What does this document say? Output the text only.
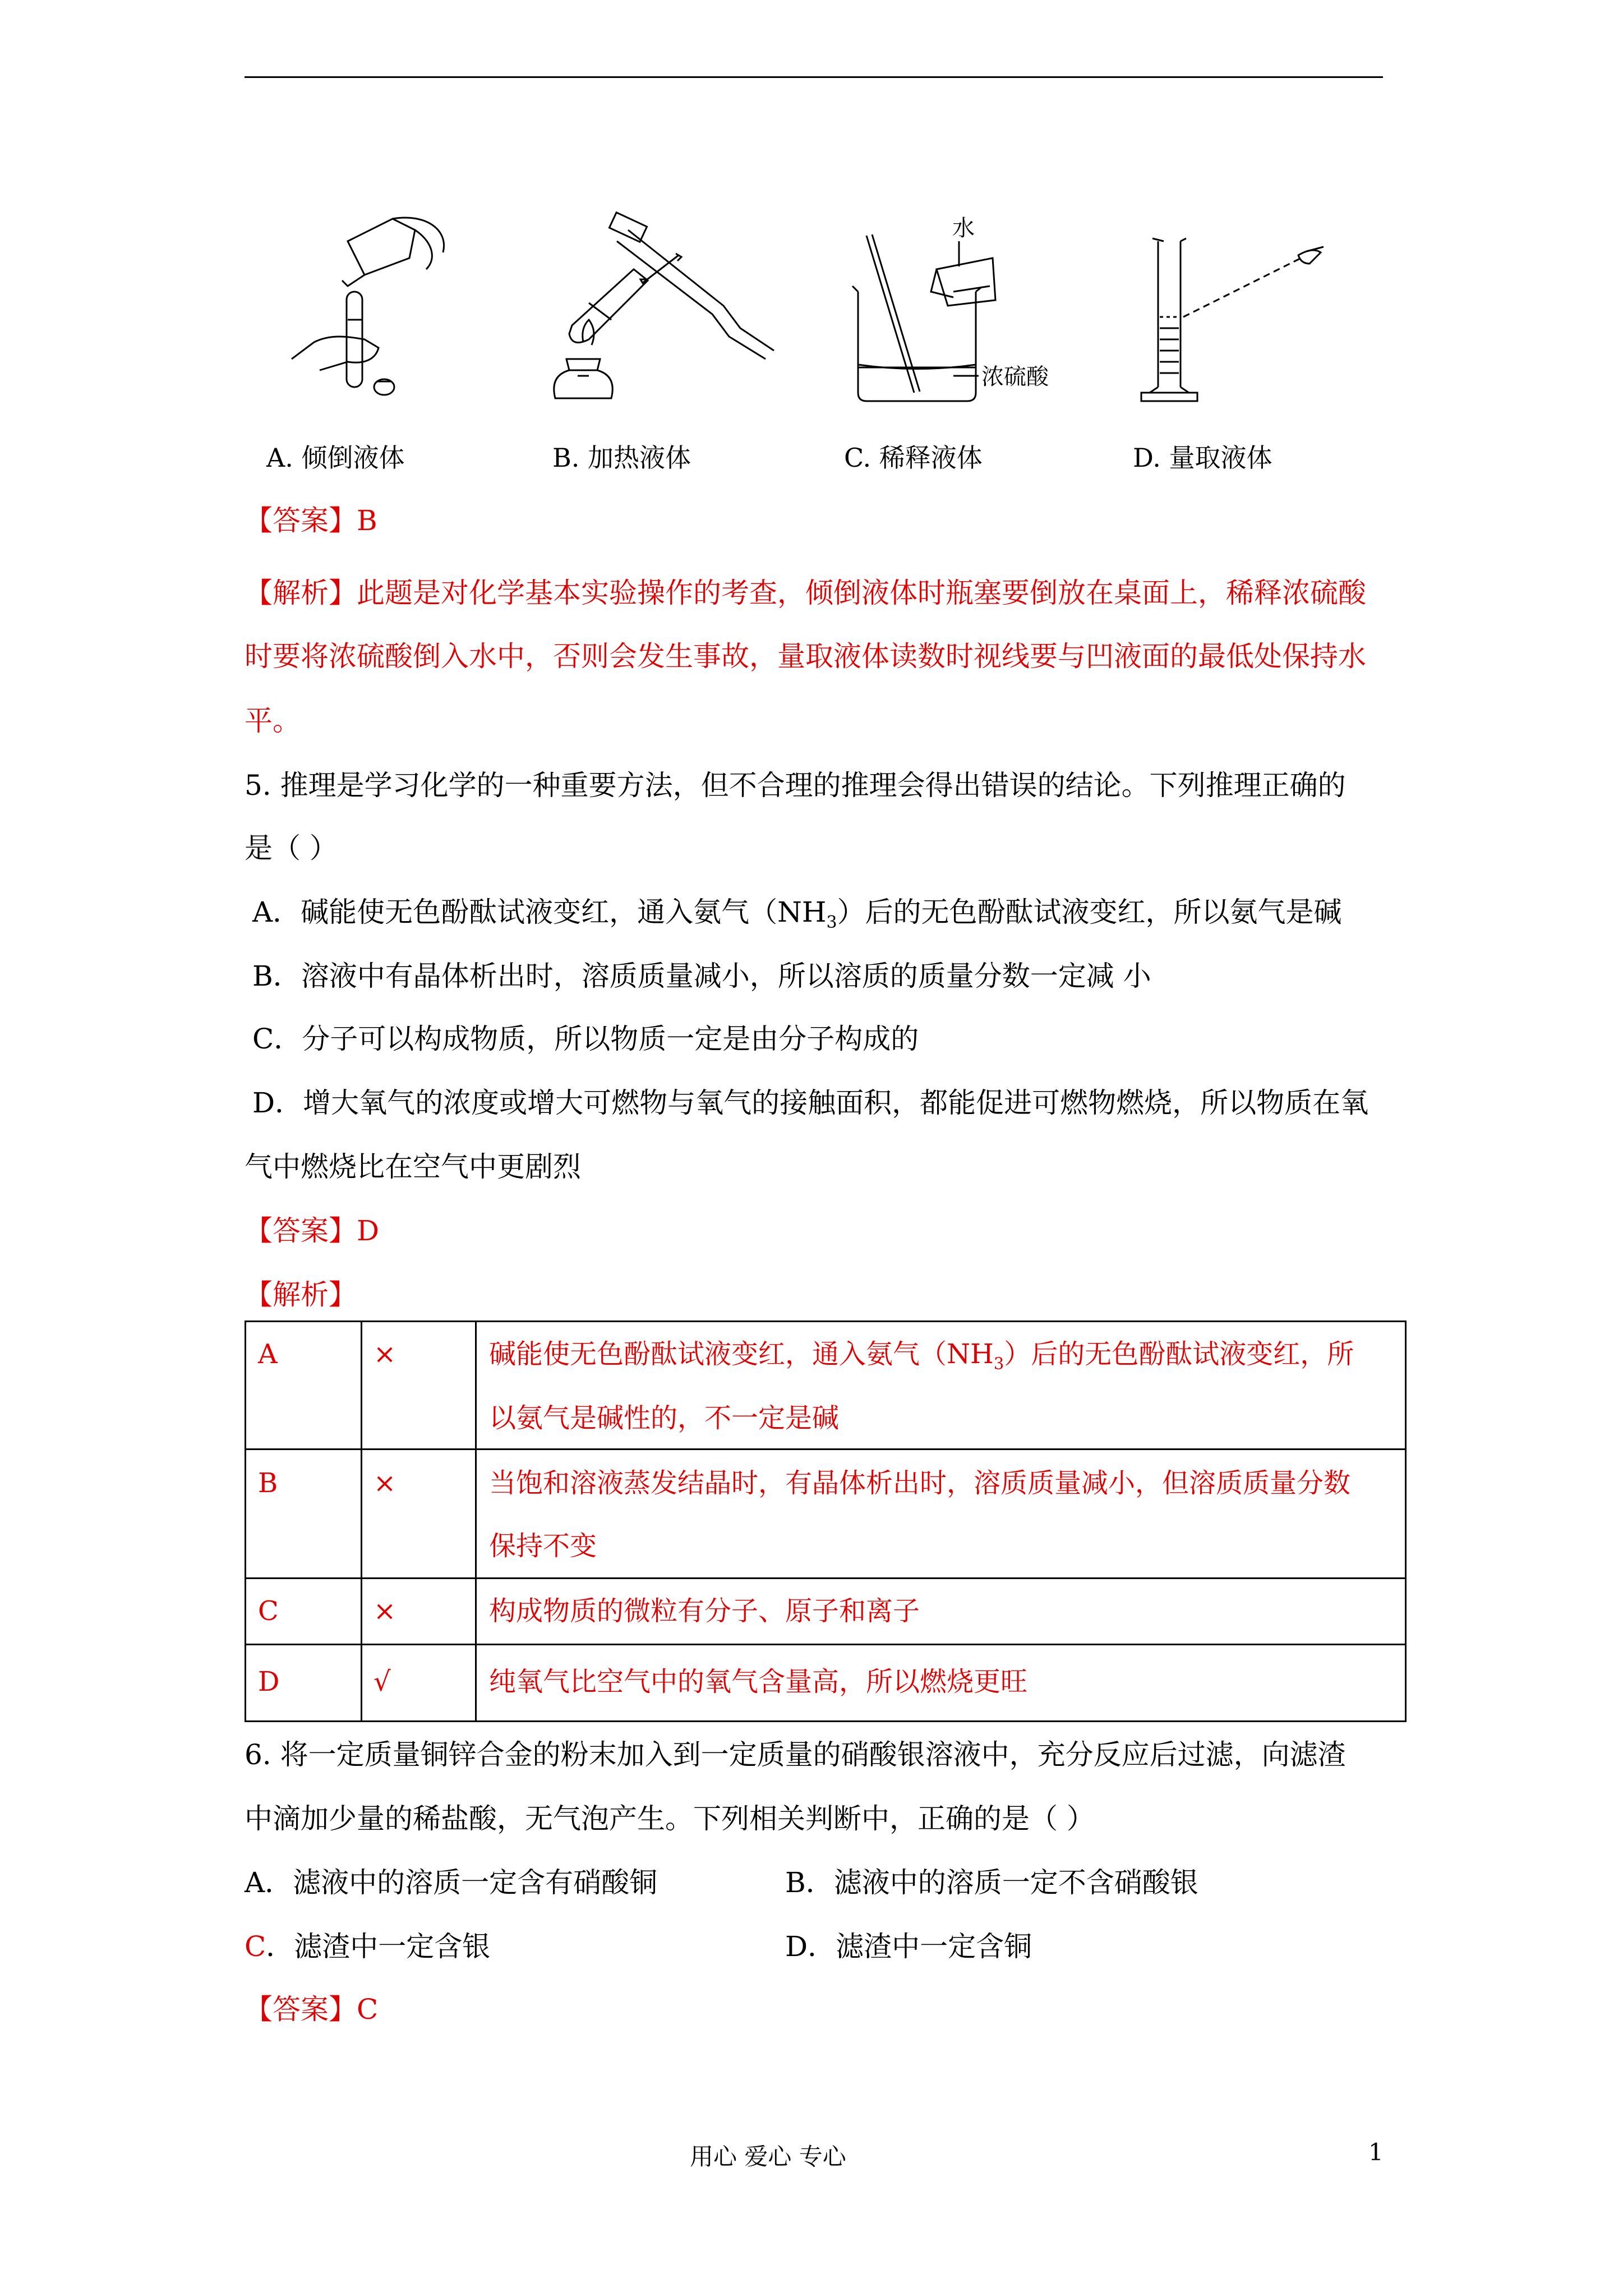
水
浓硫酸
A. 倾倒液体	B. 加热液体	C. 稀释液体	D. 量取液体
【答案】B
【解析】此题是对化学基本实验操作的考查，倾倒液体时瓶塞要倒放在桌面上，稀释浓硫酸
时要将浓硫酸倒入水中，否则会发生事故，量取液体读数时视线要与凹液面的最低处保持水
平。
5. 推理是学习化学的一种重要方法，但不合理的推理会得出错误的结论。下列推理正确的
是（ ）
A．碱能使无色酚酞试液变红，通入氨气$(NH_3)$后的无色酚酞试液变红，所以氨气是碱
B．溶液中有晶体析出时，溶质质量减小，所以溶质的质量分数一定减 小
C．分子可以构成物质，所以物质一定是由分子构成的
D．增大氧气的浓度或增大可燃物与氧气的接触面积，都能促进可燃物燃烧，所以物质在氧
气中燃烧比在空气中更剧烈
【答案】D
【解析】
A	×	碱能使无色酚酞试液变红，通入氨气$(NH_3)$后的无色酚酞试液变红，所
以氨气是碱性的，不一定是碱
B	×	当饱和溶液蒸发结晶时，有晶体析出时，溶质质量减小，但溶质质量分数
保持不变
C	×	构成物质的微粒有分子、原子和离子
D	√	纯氧气比空气中的氧气含量高，所以燃烧更旺
6. 将一定质量铜锌合金的粉末加入到一定质量的硝酸银溶液中，充分反应后过滤，向滤渣
中滴加少量的稀盐酸，无气泡产生。下列相关判断中，正确的是（ ）
A．滤液中的溶质一定含有硝酸铜	B．滤液中的溶质一定不含硝酸银
C．滤渣中一定含银	D．滤渣中一定含铜
【答案】C
用心 爱心 专心	1
